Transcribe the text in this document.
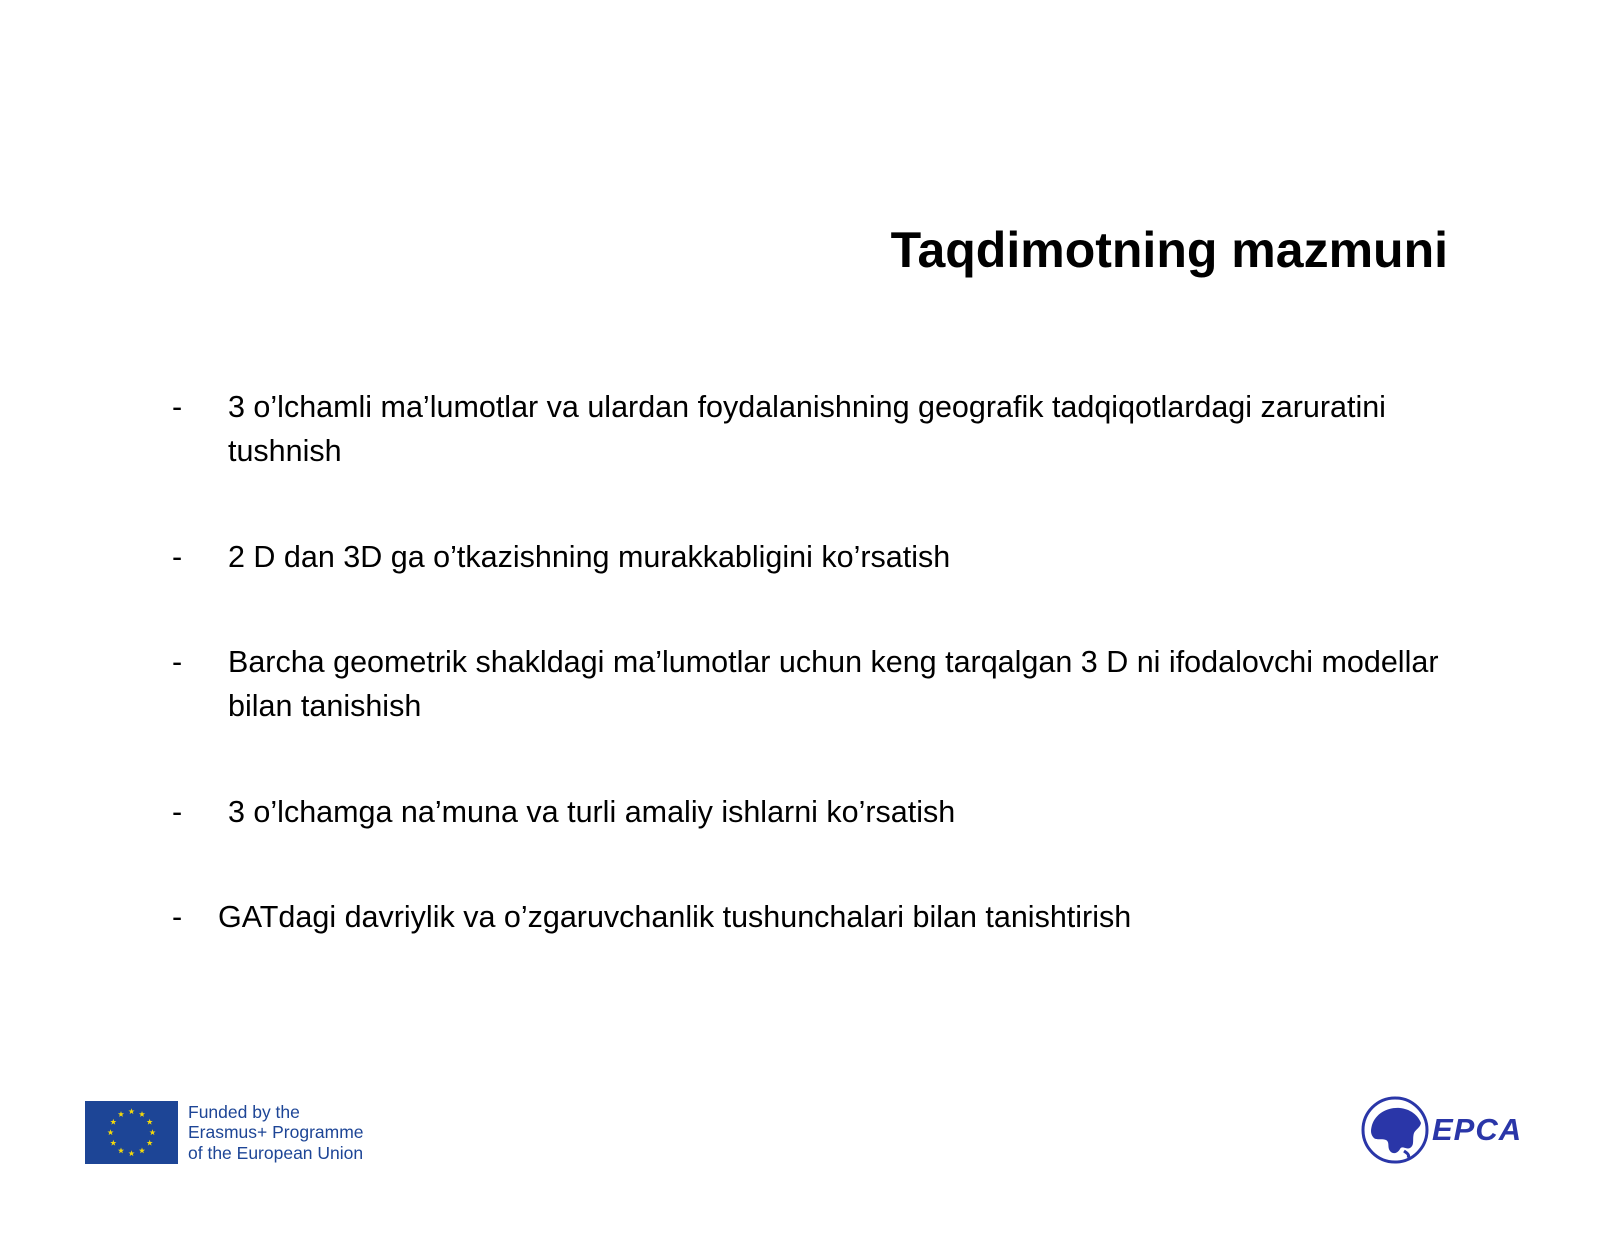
Taqdimotning mazmuni
- 3 o’lchamli ma’lumotlar va ulardan foydalanishning geografik tadqiqotlardagi zaruratini tushnish
- 2 D dan 3D ga o’tkazishning murakkabligini ko’rsatish
- Barcha geometrik shakldagi ma’lumotlar uchun keng tarqalgan 3 D ni ifodalovchi modellar bilan tanishish
- 3 o’lchamga na’muna va turli amaliy ishlarni ko’rsatish
- GATdagi davriylik va o’zgaruvchanlik tushunchalari bilan tanishtirish
Funded by the
Erasmus+ Programme
of the European Union
EPCA
